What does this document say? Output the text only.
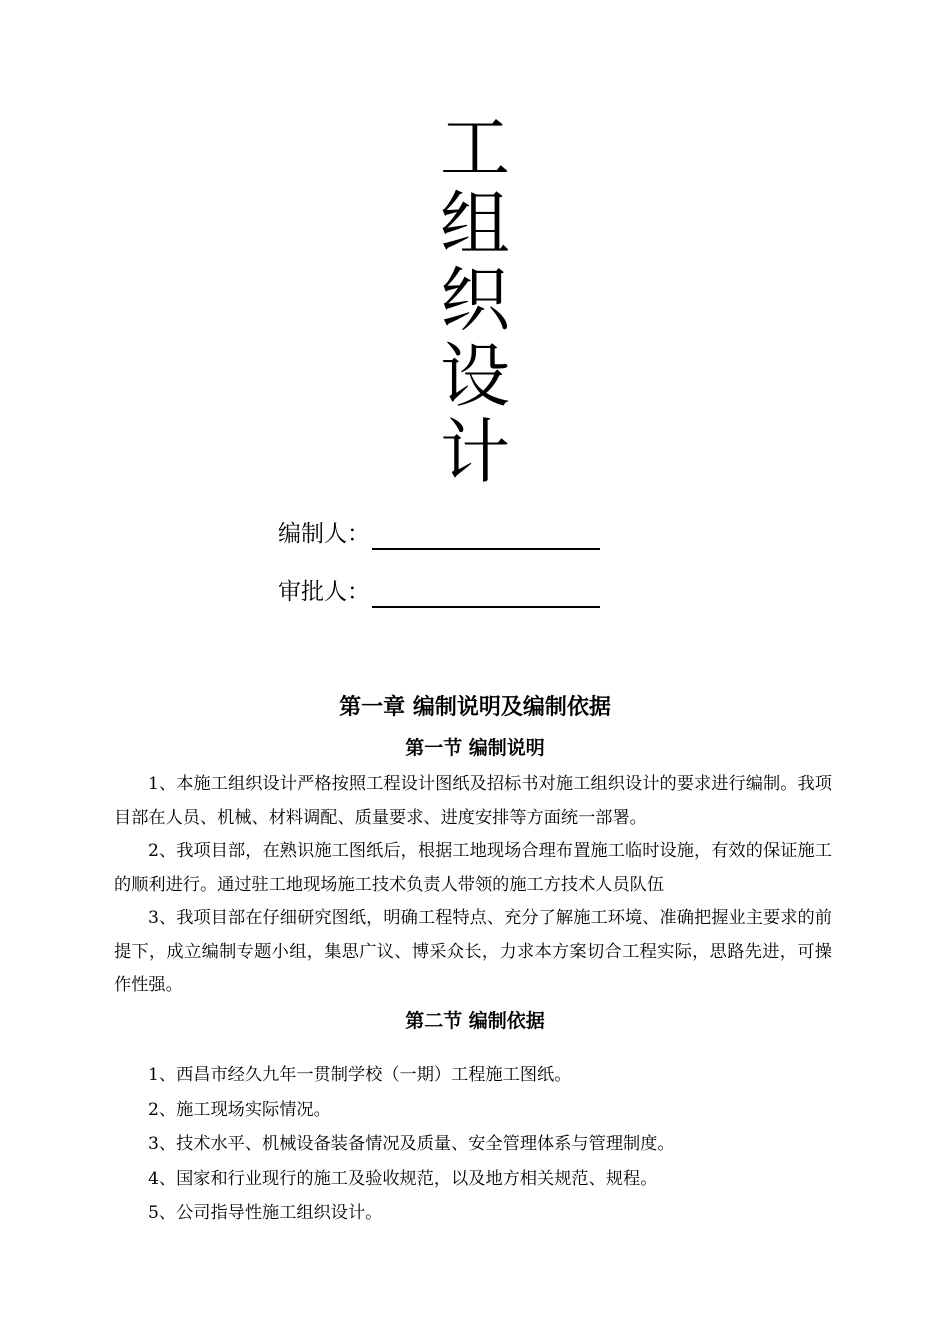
工
组
织
设
计
编制人：
审批人：
第一章 编制说明及编制依据
第一节 编制说明

1、本施工组织设计严格按照工程设计图纸及招标书对施工组织设计的要求进行编制。我项目部在人员、机械、材料调配、质量要求、进度安排等方面统一部署。

2、我项目部，在熟识施工图纸后，根据工地现场合理布置施工临时设施，有效的保证施工的顺利进行。通过驻工地现场施工技术负责人带领的施工方技术人员队伍

3、我项目部在仔细研究图纸，明确工程特点、充分了解施工环境、准确把握业主要求的前提下，成立编制专题小组，集思广议、博采众长，力求本方案切合工程实际，思路先进，可操作性强。

第二节 编制依据
1、西昌市经久九年一贯制学校（一期）工程施工图纸。
2、施工现场实际情况。
3、技术水平、机械设备装备情况及质量、安全管理体系与管理制度。
4、国家和行业现行的施工及验收规范，以及地方相关规范、规程。
5、公司指导性施工组织设计。
